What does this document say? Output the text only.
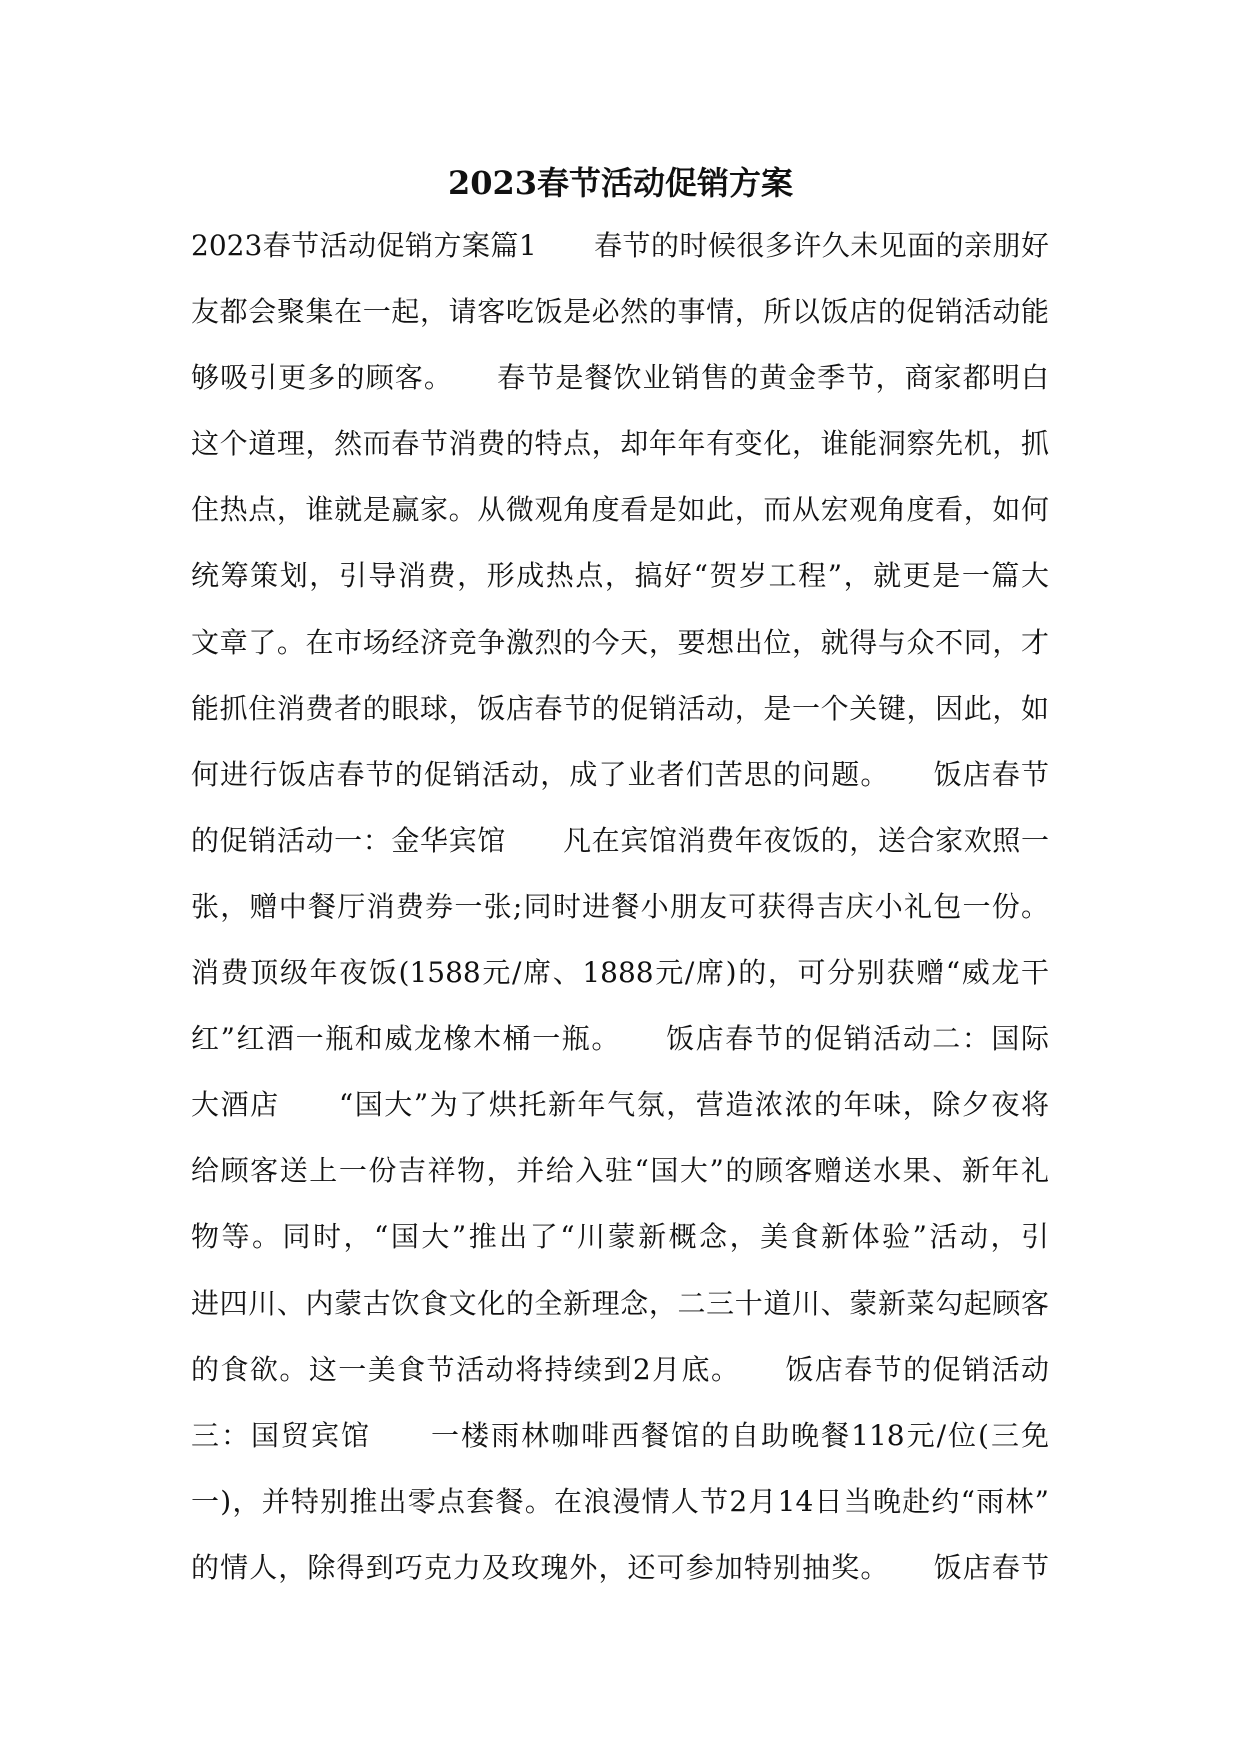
2023春节活动促销方案
2023春节活动促销方案篇1　　春节的时候很多许久未见面的亲朋好
友都会聚集在一起，请客吃饭是必然的事情，所以饭店的促销活动能
够吸引更多的顾客。　　春节是餐饮业销售的黄金季节，商家都明白
这个道理，然而春节消费的特点，却年年有变化，谁能洞察先机，抓
住热点，谁就是赢家。从微观角度看是如此，而从宏观角度看，如何
统筹策划，引导消费，形成热点，搞好“贺岁工程”，就更是一篇大
文章了。在市场经济竞争激烈的今天，要想出位，就得与众不同，才
能抓住消费者的眼球，饭店春节的促销活动，是一个关键，因此，如
何进行饭店春节的促销活动，成了业者们苦思的问题。　　饭店春节
的促销活动一：金华宾馆　　凡在宾馆消费年夜饭的，送合家欢照一
张，赠中餐厅消费券一张;同时进餐小朋友可获得吉庆小礼包一份。
消费顶级年夜饭(1588元/席、1888元/席)的，可分别获赠“威龙干
红”红酒一瓶和威龙橡木桶一瓶。　　饭店春节的促销活动二：国际
大酒店　　“国大”为了烘托新年气氛，营造浓浓的年味，除夕夜将
给顾客送上一份吉祥物，并给入驻“国大”的顾客赠送水果、新年礼
物等。同时，“国大”推出了“川蒙新概念，美食新体验”活动，引
进四川、内蒙古饮食文化的全新理念，二三十道川、蒙新菜勾起顾客
的食欲。这一美食节活动将持续到2月底。　　饭店春节的促销活动
三：国贸宾馆　　一楼雨林咖啡西餐馆的自助晚餐118元/位(三免
一)，并特别推出零点套餐。在浪漫情人节2月14日当晚赴约“雨林”
的情人，除得到巧克力及玫瑰外，还可参加特别抽奖。　　饭店春节
